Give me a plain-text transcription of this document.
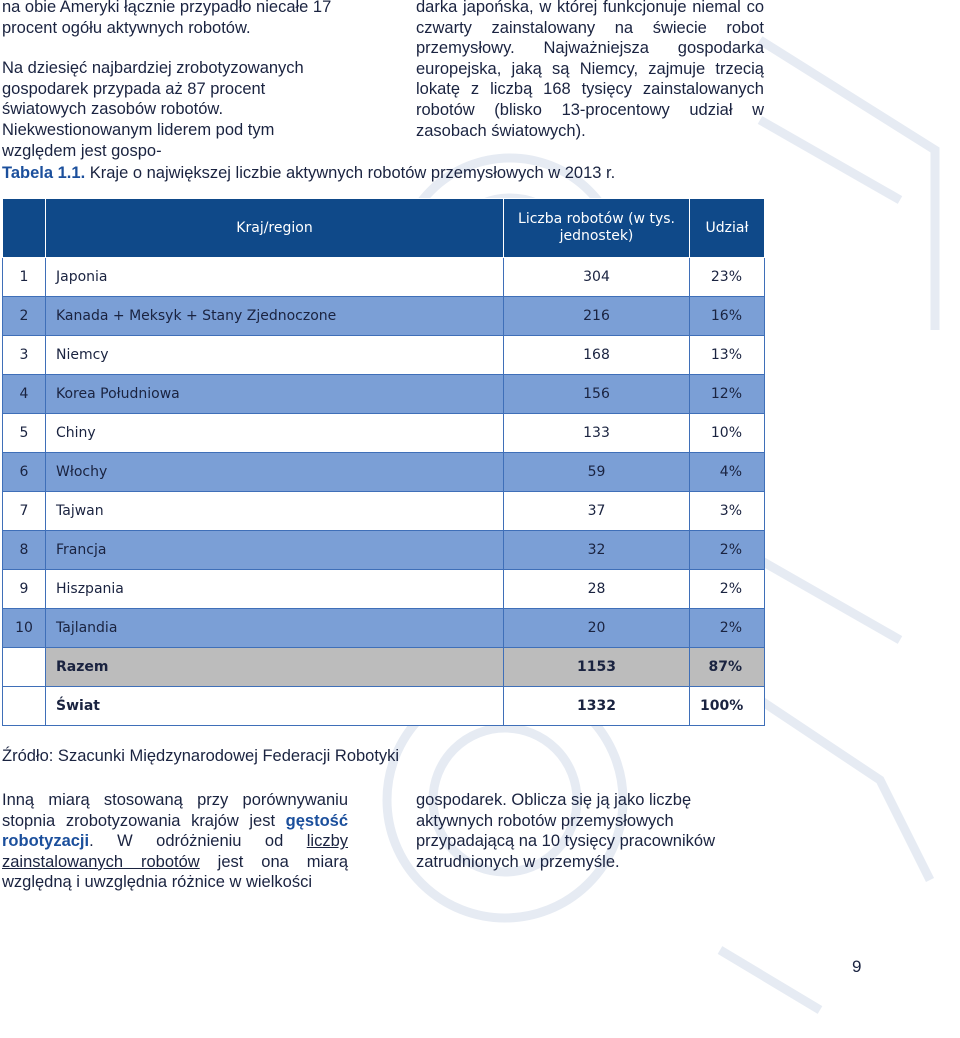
na obie Ameryki łącznie przypadło niecałe 17 procent ogółu aktywnych robotów.

Na dziesięć najbardziej zrobotyzowanych gospodarek przypada aż 87 procent światowych zasobów robotów. Niekwestionowanym liderem pod tym względem jest gospo-

darka japońska, w której funkcjonuje niemal co czwarty zainstalowany na świecie robot przemysłowy. Najważniejsza gospodarka europejska, jaką są Niemcy, zajmuje trzecią lokatę z liczbą 168 tysięcy zainstalowanych robotów (blisko 13-procentowy udział w zasobach światowych).

Tabela 1.1. Kraje o największej liczbie aktywnych robotów przemysłowych w 2013 r.
	Kraj/region	Liczba robotów (w tys. jednostek)	Udział
1	Japonia	304	23%
2	Kanada + Meksyk + Stany Zjednoczone	216	16%
3	Niemcy	168	13%
4	Korea Południowa	156	12%
5	Chiny	133	10%
6	Włochy	59	4%
7	Tajwan	37	3%
8	Francja	32	2%
9	Hiszpania	28	2%
10	Tajlandia	20	2%
	Razem	1153	87%
	Świat	1332	100%
Źródło: Szacunki Międzynarodowej Federacji Robotyki

Inną miarą stosowaną przy porównywaniu stopnia zrobotyzowania krajów jest gęstość robotyzacji. W odróżnieniu od liczby zainstalowanych robotów jest ona miarą względną i uwzględnia różnice w wielkości

gospodarek. Oblicza się ją jako liczbę aktywnych robotów przemysłowych przypadającą na 10 tysięcy pracowników zatrudnionych w przemyśle.

9
